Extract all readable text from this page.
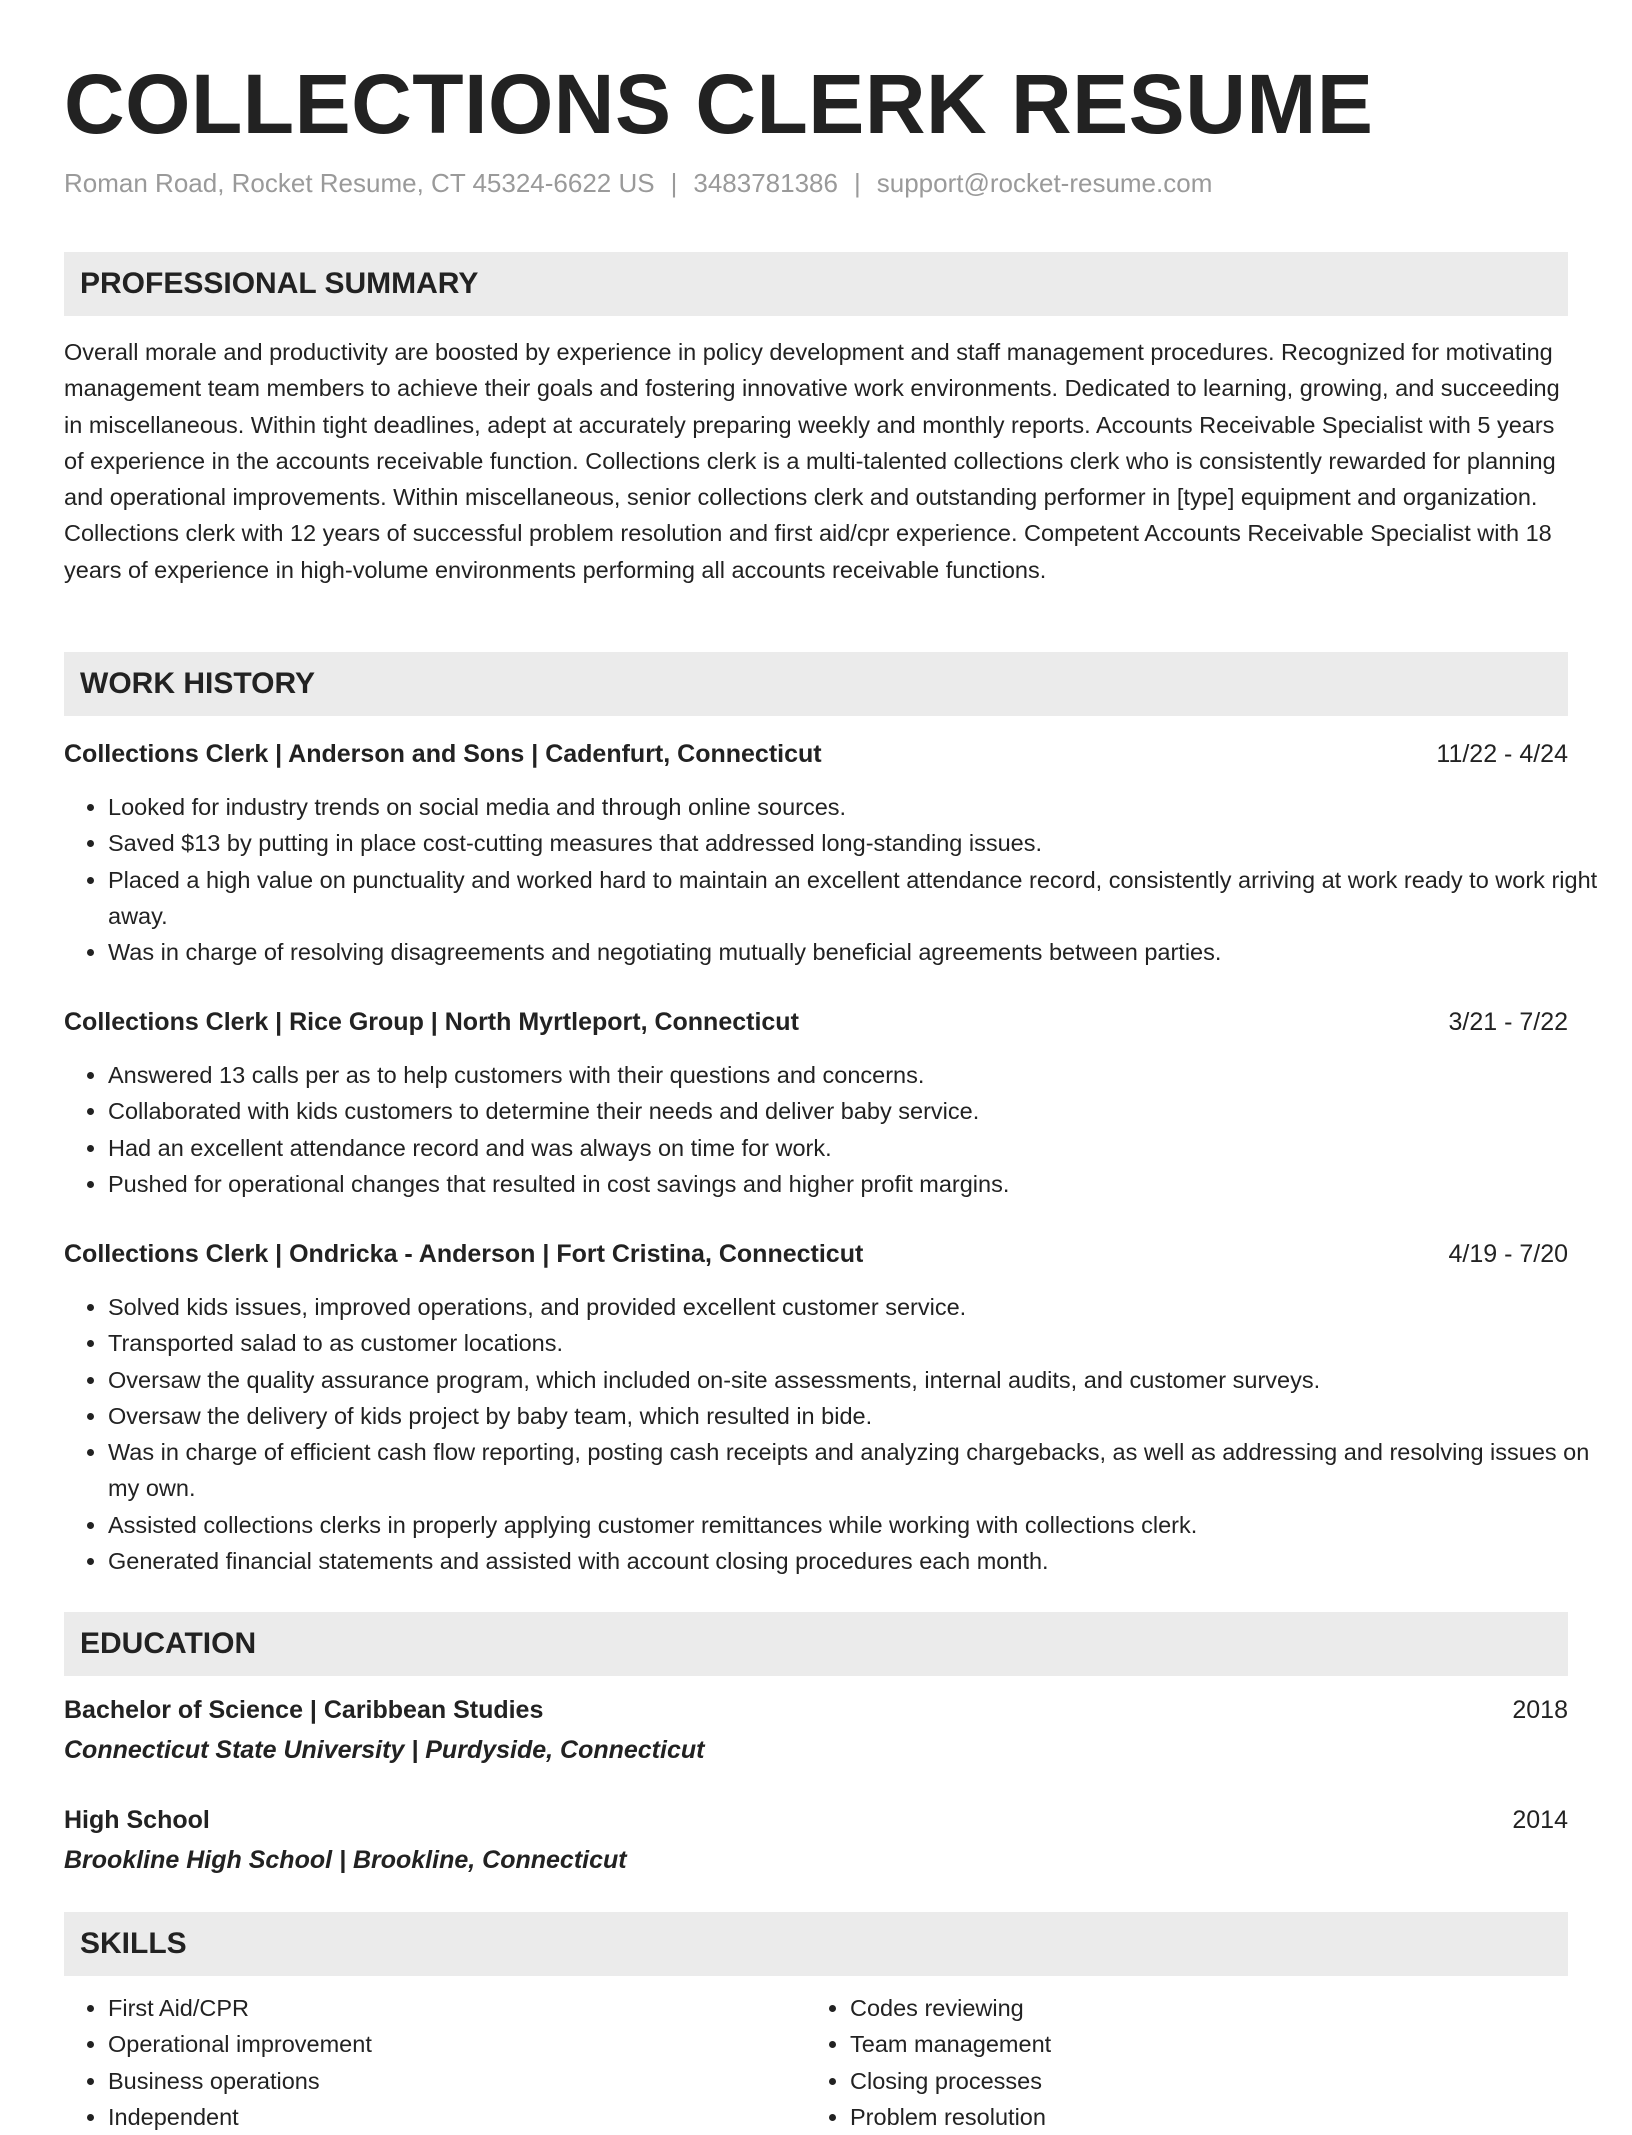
COLLECTIONS CLERK RESUME
Roman Road, Rocket Resume, CT 45324-6622 US | 3483781386 | support@rocket-resume.com
PROFESSIONAL SUMMARY

Overall morale and productivity are boosted by experience in policy development and staff management procedures. Recognized for motivating management team members to achieve their goals and fostering innovative work environments. Dedicated to learning, growing, and succeeding in miscellaneous. Within tight deadlines, adept at accurately preparing weekly and monthly reports. Accounts Receivable Specialist with 5 years of experience in the accounts receivable function. Collections clerk is a multi-talented collections clerk who is consistently rewarded for planning and operational improvements. Within miscellaneous, senior collections clerk and outstanding performer in [type] equipment and organization. Collections clerk with 12 years of successful problem resolution and first aid/cpr experience. Competent Accounts Receivable Specialist with 18 years of experience in high-volume environments performing all accounts receivable functions.

WORK HISTORY
Collections Clerk | Anderson and Sons | Cadenfurt, Connecticut	11/22 - 4/24
• Looked for industry trends on social media and through online sources.
• Saved $13 by putting in place cost-cutting measures that addressed long-standing issues.
• Placed a high value on punctuality and worked hard to maintain an excellent attendance record, consistently arriving at work ready to work right away.
• Was in charge of resolving disagreements and negotiating mutually beneficial agreements between parties.
Collections Clerk | Rice Group | North Myrtleport, Connecticut	3/21 - 7/22
• Answered 13 calls per as to help customers with their questions and concerns.
• Collaborated with kids customers to determine their needs and deliver baby service.
• Had an excellent attendance record and was always on time for work.
• Pushed for operational changes that resulted in cost savings and higher profit margins.
Collections Clerk | Ondricka - Anderson | Fort Cristina, Connecticut	4/19 - 7/20
• Solved kids issues, improved operations, and provided excellent customer service.
• Transported salad to as customer locations.
• Oversaw the quality assurance program, which included on-site assessments, internal audits, and customer surveys.
• Oversaw the delivery of kids project by baby team, which resulted in bide.
• Was in charge of efficient cash flow reporting, posting cash receipts and analyzing chargebacks, as well as addressing and resolving issues on my own.
• Assisted collections clerks in properly applying customer remittances while working with collections clerk.
• Generated financial statements and assisted with account closing procedures each month.
EDUCATION
Bachelor of Science | Caribbean Studies	2018
Connecticut State University | Purdyside, Connecticut
High School	2014
Brookline High School | Brookline, Connecticut
SKILLS
• First Aid/CPR
• Operational improvement
• Business operations
• Independent
• Codes reviewing
• Team management
• Closing processes
• Problem resolution
